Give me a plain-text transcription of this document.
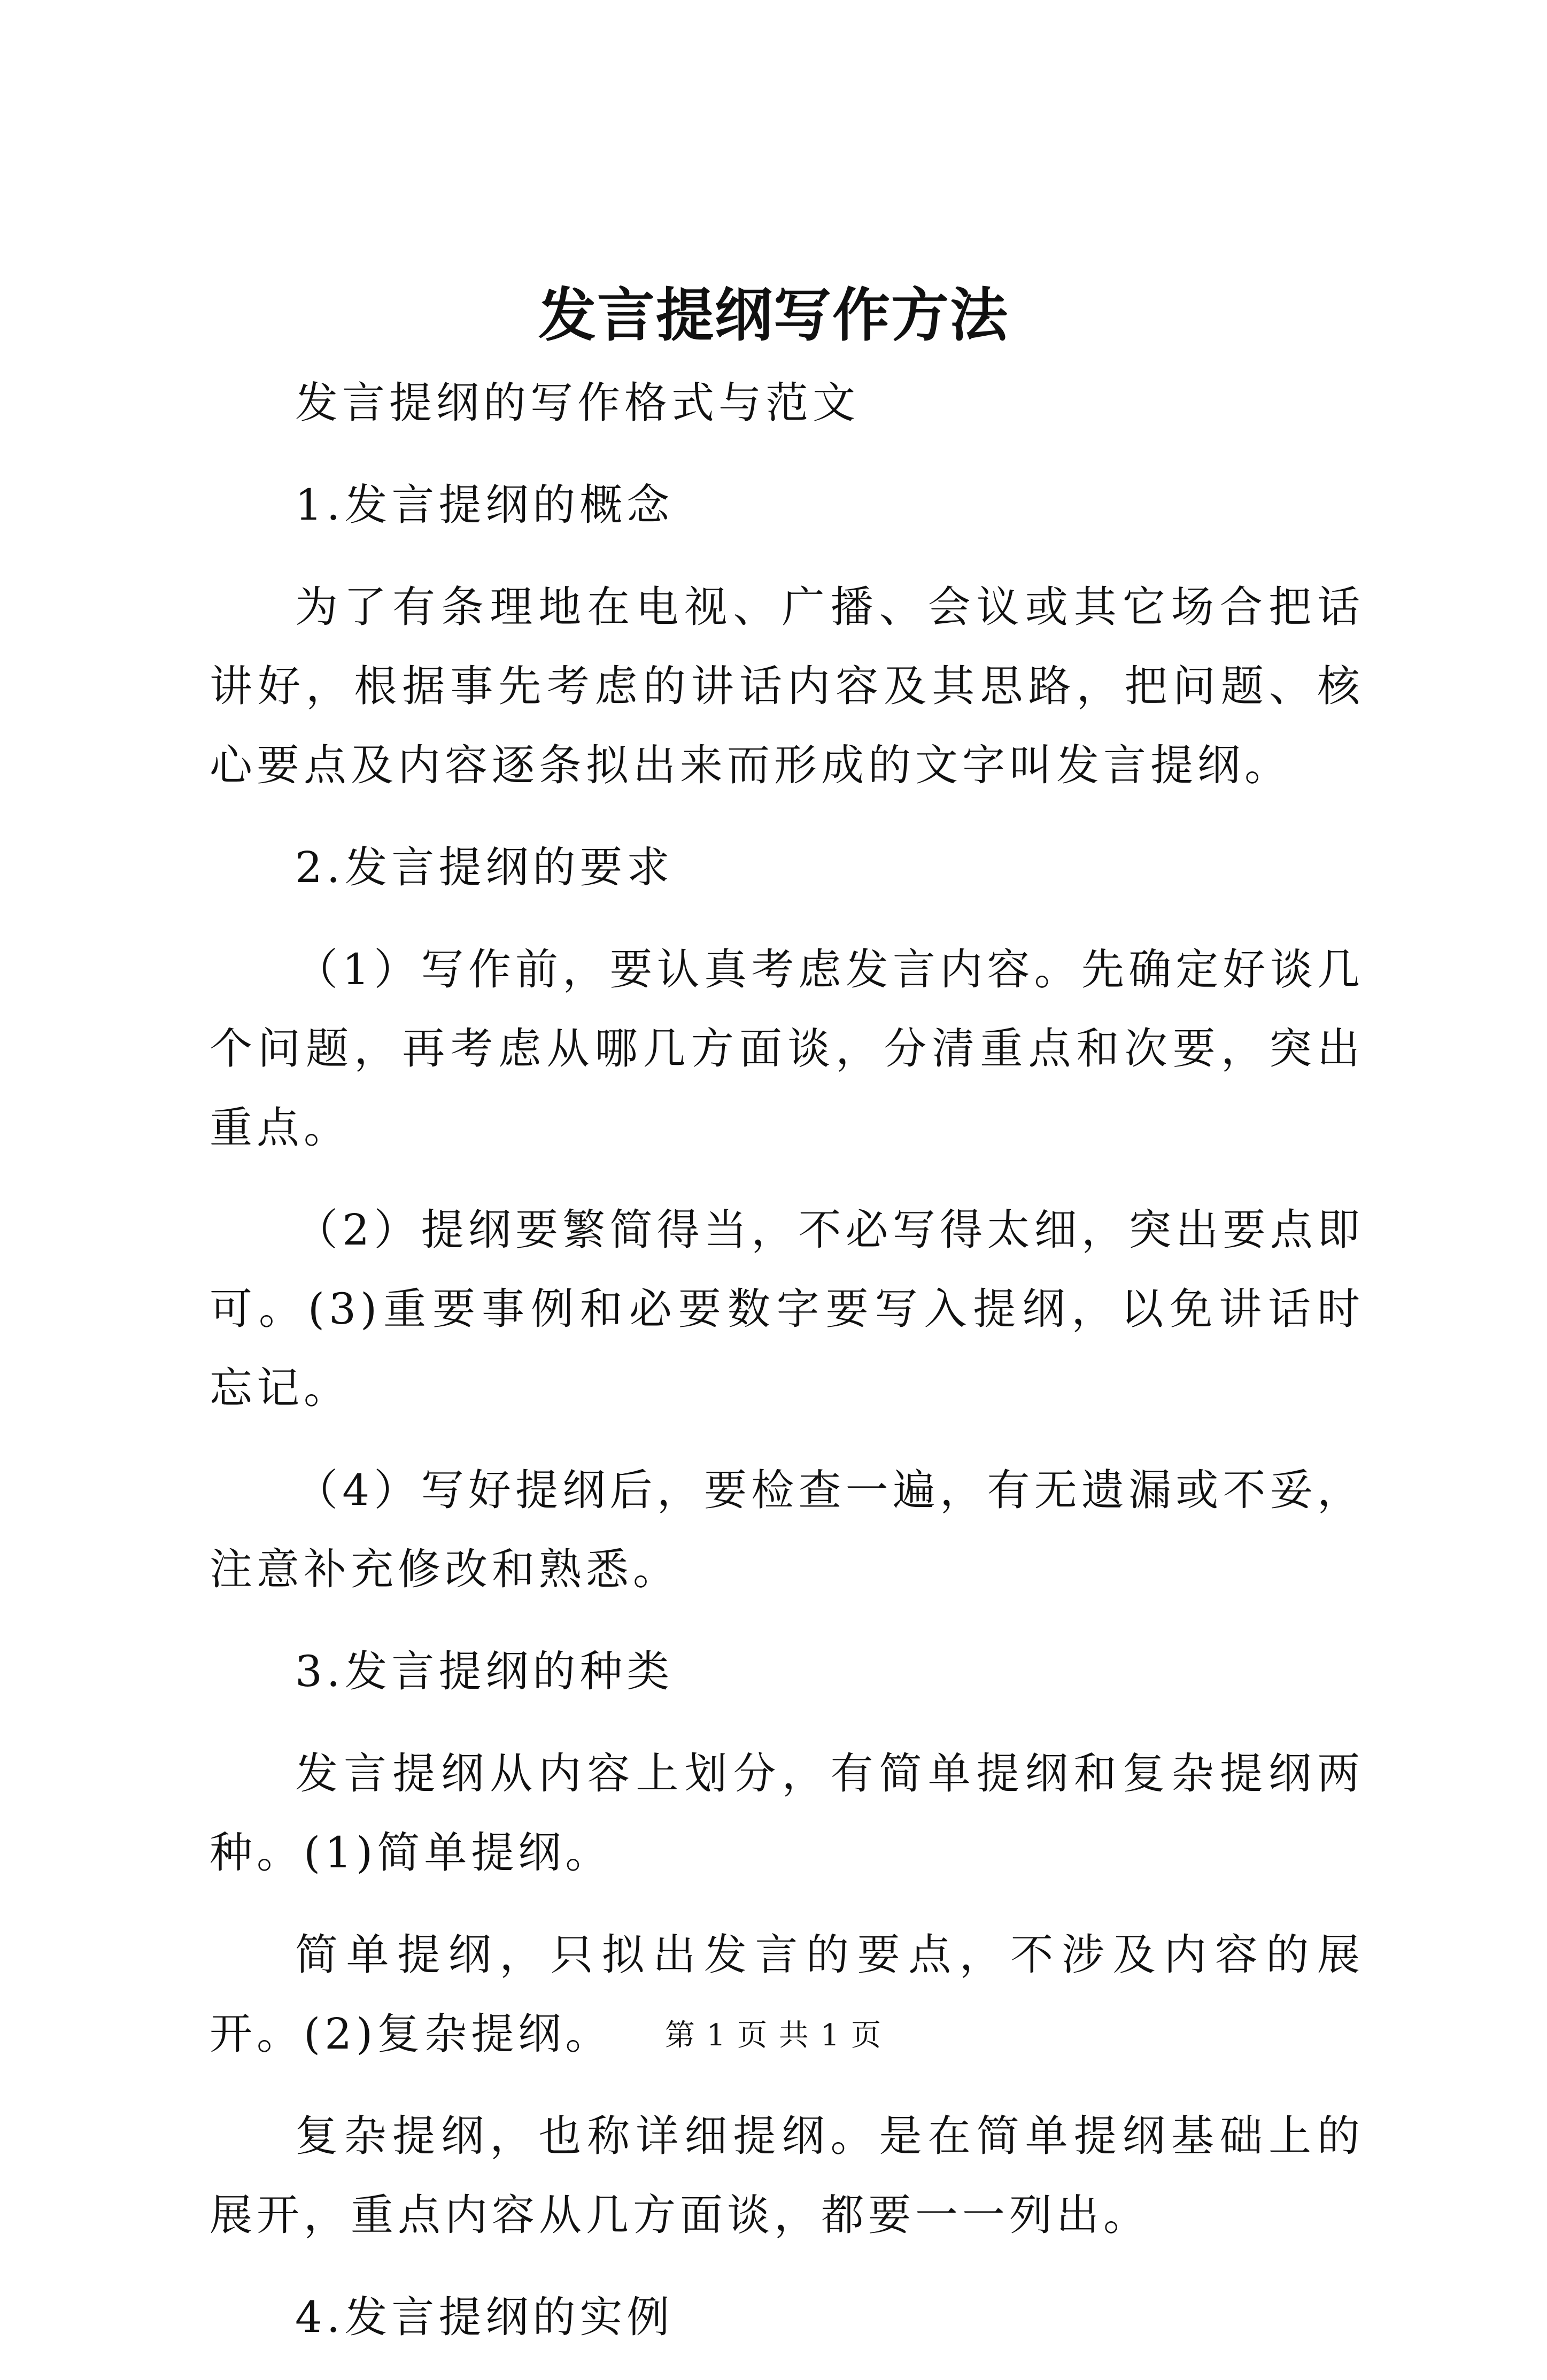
发言提纲写作方法

发言提纲的写作格式与范文

1.发言提纲的概念

为了有条理地在电视、广播、会议或其它场合把话讲好，根据事先考虑的讲话内容及其思路，把问题、核心要点及内容逐条拟出来而形成的文字叫发言提纲。

2.发言提纲的要求

（1）写作前，要认真考虑发言内容。先确定好谈几个问题，再考虑从哪几方面谈，分清重点和次要，突出重点。

（2）提纲要繁简得当，不必写得太细，突出要点即可。(3)重要事例和必要数字要写入提纲，以免讲话时忘记。

（4）写好提纲后，要检查一遍，有无遗漏或不妥，注意补充修改和熟悉。

3.发言提纲的种类

发言提纲从内容上划分，有简单提纲和复杂提纲两种。(1)简单提纲。

简单提纲，只拟出发言的要点，不涉及内容的展开。(2)复杂提纲。

复杂提纲，也称详细提纲。是在简单提纲基础上的展开，重点内容从几方面谈，都要一一列出。

4.发言提纲的实例

第 1 页 共 1 页
